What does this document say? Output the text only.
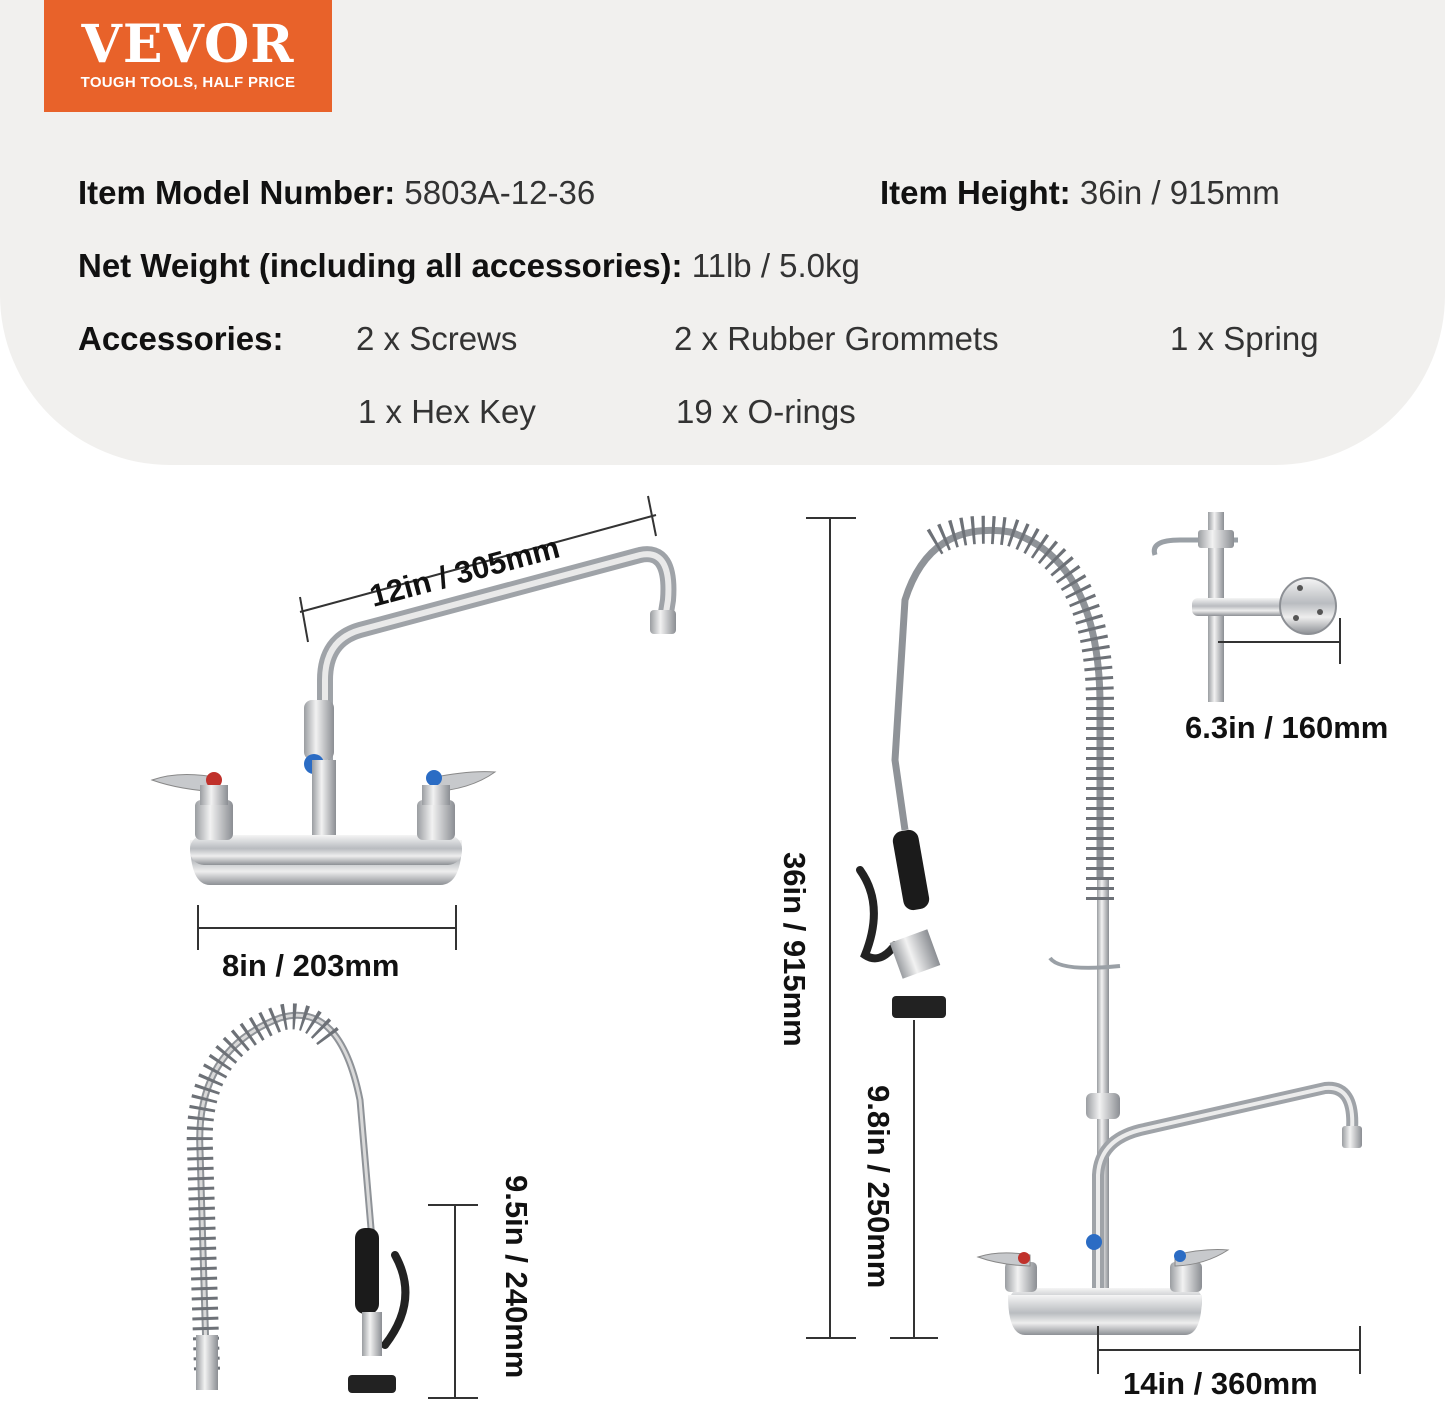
VEVOR
TOUGH TOOLS, HALF PRICE
Item Model Number: 5803A-12-36	Item Height: 36in / 915mm
Net Weight (including all accessories): 11lb / 5.0kg
Accessories: 2 x Screws	2 x Rubber Grommets	1 x Spring
1 x Hex Key	19 x O-rings
12in / 305mm
8in / 203mm	36in / 915mm
6.3in / 160mm
9.8in / 250mm
9.5in / 240mm
14in / 360mm
